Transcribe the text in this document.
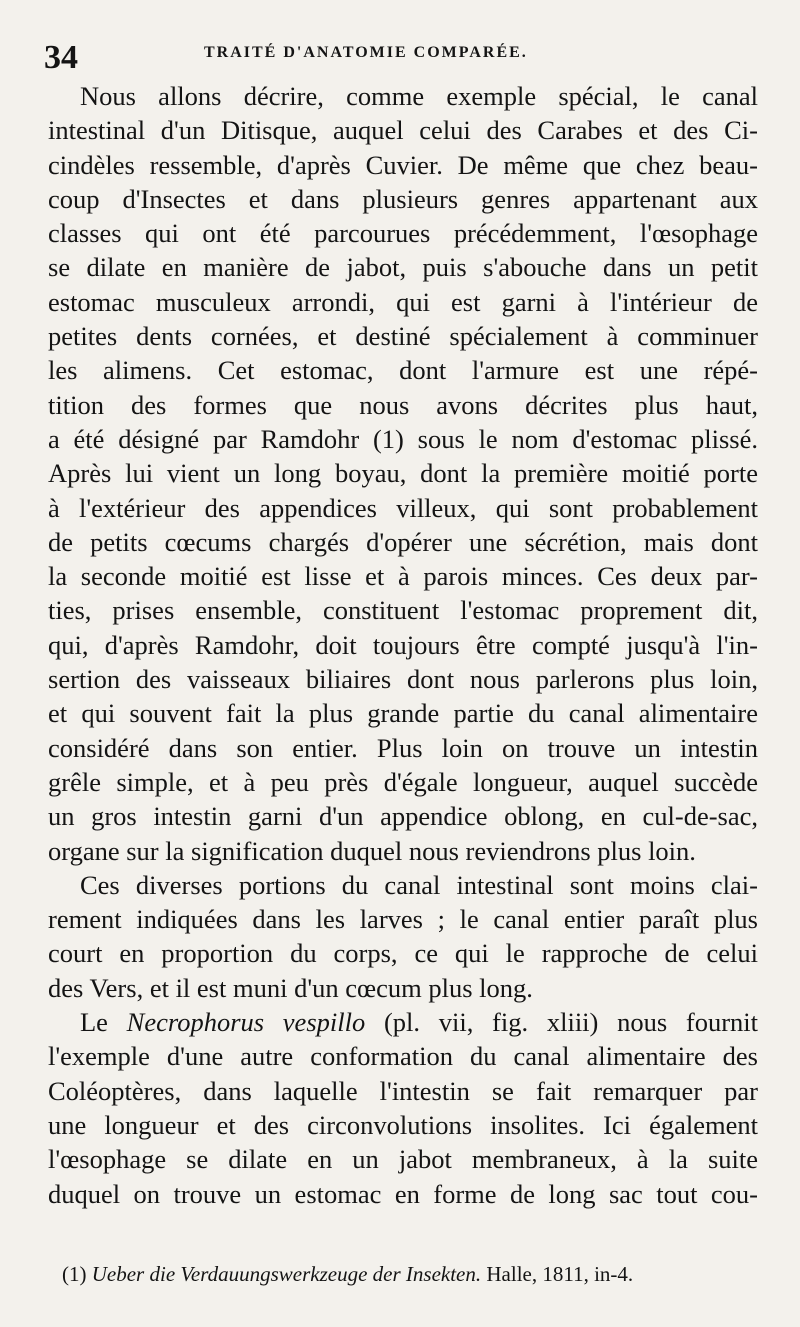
34	TRAITÉ D'ANATOMIE COMPARÉE.
Nous allons décrire, comme exemple spécial, le canal
intestinal d'un Ditisque, auquel celui des Carabes et des Ci-
cindèles ressemble, d'après Cuvier. De même que chez beau-
coup d'Insectes et dans plusieurs genres appartenant aux
classes qui ont été parcourues précédemment, l'œsophage
se dilate en manière de jabot, puis s'abouche dans un petit
estomac musculeux arrondi, qui est garni à l'intérieur de
petites dents cornées, et destiné spécialement à comminuer
les alimens. Cet estomac, dont l'armure est une répé-
tition des formes que nous avons décrites plus haut,
a été désigné par Ramdohr (1) sous le nom d'estomac plissé.
Après lui vient un long boyau, dont la première moitié porte
à l'extérieur des appendices villeux, qui sont probablement
de petits cœcums chargés d'opérer une sécrétion, mais dont
la seconde moitié est lisse et à parois minces. Ces deux par-
ties, prises ensemble, constituent l'estomac proprement dit,
qui, d'après Ramdohr, doit toujours être compté jusqu'à l'in-
sertion des vaisseaux biliaires dont nous parlerons plus loin,
et qui souvent fait la plus grande partie du canal alimentaire
considéré dans son entier. Plus loin on trouve un intestin
grêle simple, et à peu près d'égale longueur, auquel succède
un gros intestin garni d'un appendice oblong, en cul-de-sac,
organe sur la signification duquel nous reviendrons plus loin.
Ces diverses portions du canal intestinal sont moins clai-
rement indiquées dans les larves ; le canal entier paraît plus
court en proportion du corps, ce qui le rapproche de celui
des Vers, et il est muni d'un cœcum plus long.
Le Necrophorus vespillo (pl. vii, fig. xliii) nous fournit
l'exemple d'une autre conformation du canal alimentaire des
Coléoptères, dans laquelle l'intestin se fait remarquer par
une longueur et des circonvolutions insolites. Ici également
l'œsophage se dilate en un jabot membraneux, à la suite
duquel on trouve un estomac en forme de long sac tout cou-
(1) Ueber die Verdauungswerkzeuge der Insekten. Halle, 1811, in-4.
